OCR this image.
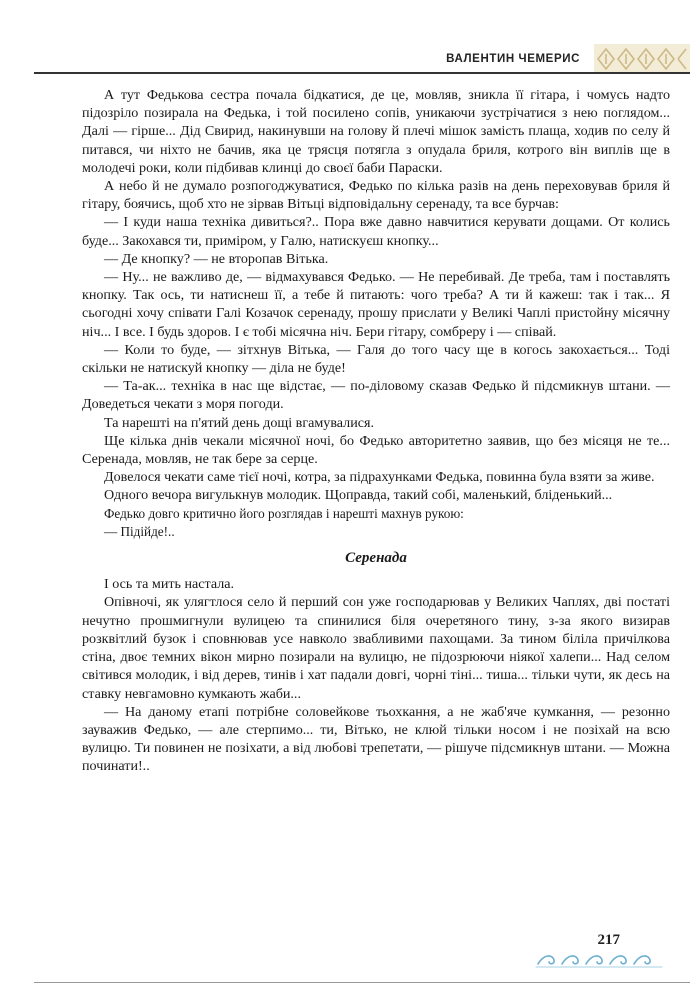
ВАЛЕНТИН ЧЕМЕРИС

А тут Федькова сестра почала бідкатися, де це, мовляв, зникла її гітара, і чомусь надто підозріло позирала на Федька, і той посилено сопів, уникаючи зустрічатися з нею поглядом... Далі — гірше... Дід Свирид, накинувши на голову й плечі мішок замість плаща, ходив по селу й питався, чи ніхто не бачив, яка це трясця потягла з опудала бриля, котрого він виплів ще в молодечі роки, коли підбивав клинці до своєї баби Параски.

А небо й не думало розпогоджуватися, Федько по кілька разів на день переховував бриля й гітару, боячись, щоб хто не зірвав Вітьці відповідальну серенаду, та все бурчав:

— І куди наша техніка дивиться?.. Пора вже давно навчитися керувати дощами. От колись буде... Закохався ти, приміром, у Галю, натискуєш кнопку...

— Де кнопку? — не второпав Вітька.

— Ну... не важливо де, — відмахувався Федько. — Не перебивай. Де треба, там і поставлять кнопку. Так ось, ти натиснеш її, а тебе й питають: чого треба? А ти й кажеш: так і так... Я сьогодні хочу співати Галі Козачок серенаду, прошу прислати у Великі Чаплі пристойну місячну ніч... І все. І будь здоров. І є тобі місячна ніч. Бери гітару, сомбреру і — співай.

— Коли то буде, — зітхнув Вітька, — Галя до того часу ще в когось закохається... Тоді скільки не натискуй кнопку — діла не буде!

— Та-ак... техніка в нас ще відстає, — по-діловому сказав Федько й підсмикнув штани. — Доведеться чекати з моря погоди.

Та нарешті на п'ятий день дощі вгамувалися.

Ще кілька днів чекали місячної ночі, бо Федько авторитетно заявив, що без місяця не те... Серенада, мовляв, не так бере за серце.

Довелося чекати саме тієї ночі, котра, за підрахунками Федька, повинна була взяти за живе.

Одного вечора вигулькнув молодик. Щоправда, такий собі, маленький, бліденький...

Федько довго критично його розглядав і нарешті махнув рукою:

— Підійде!..

Серенада

І ось та мить настала.

Опівночі, як улягтлося село й перший сон уже господарював у Великих Чаплях, дві постаті нечутно прошмигнули вулицею та спинилися біля очеретяного тину, з-за якого визирав розквітлий бузок і сповнював усе навколо звабливими пахощами. За тином біліла причілкова стіна, двоє темних вікон мирно позирали на вулицю, не підозрюючи ніякої халепи... Над селом світився молодик, і від дерев, тинів і хат падали довгі, чорні тіні... тиша... тільки чути, як десь на ставку невгамовно кумкають жаби...

— На даному етапі потрібне соловейкове тьохкання, а не жаб'яче кумкання, — резонно зауважив Федько, — але стерпимо... ти, Вітько, не клюй тільки носом і не позіхай на всю вулицю. Ти повинен не позіхати, а від любові трепетати, — рішуче підсмикнув штани. — Можна починати!..

217
